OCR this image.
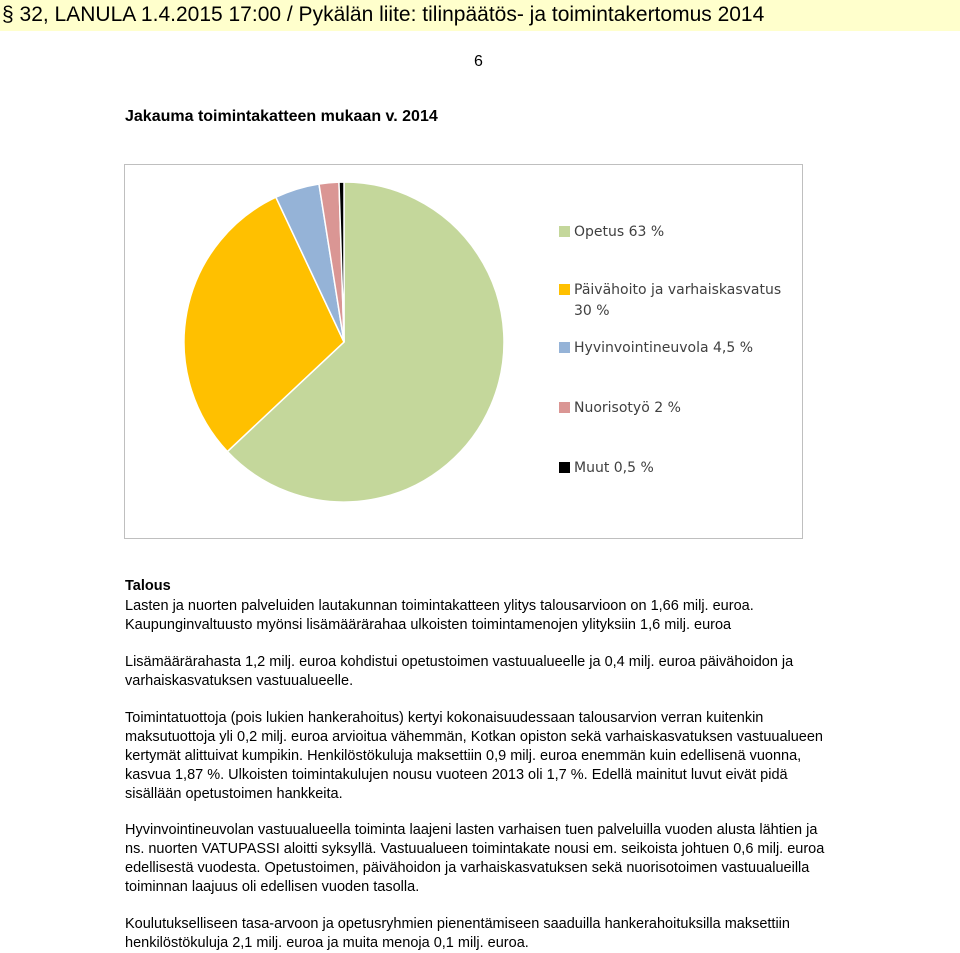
§ 32, LANULA 1.4.2015 17:00 / Pykälän liite: tilinpäätös- ja toimintakertomus 2014
6
Jakauma toimintakatteen mukaan v. 2014
Opetus 63 %
Päivähoito ja varhaiskasvatus
30 %
Hyvinvointineuvola 4,5 %
Nuorisotyö 2 %
Muut 0,5 %
Talous

Lasten ja nuorten palveluiden lautakunnan toimintakatteen ylitys talousarvioon on 1,66 milj. euroa. Kaupunginvaltuusto myönsi lisämäärärahaa ulkoisten toimintamenojen ylityksiin 1,6 milj. euroa

Lisämäärärahasta 1,2 milj. euroa kohdistui opetustoimen vastuualueelle ja 0,4 milj. euroa päivähoidon ja varhaiskasvatuksen vastuualueelle.

Toimintatuottoja (pois lukien hankerahoitus) kertyi kokonaisuudessaan talousarvion verran kuitenkin maksutuottoja yli 0,2 milj. euroa arvioitua vähemmän, Kotkan opiston sekä varhaiskasvatuksen vastuualueen kertymät alittuivat kumpikin. Henkilöstökuluja maksettiin 0,9 milj. euroa enemmän kuin edellisenä vuonna, kasvua 1,87 %. Ulkoisten toimintakulujen nousu vuoteen 2013 oli 1,7 %. Edellä mainitut luvut eivät pidä sisällään opetustoimen hankkeita.

Hyvinvointineuvolan vastuualueella toiminta laajeni lasten varhaisen tuen palveluilla vuoden alusta lähtien ja ns. nuorten VATUPASSI aloitti syksyllä. Vastuualueen toimintakate nousi em. seikoista johtuen 0,6 milj. euroa edellisestä vuodesta. Opetustoimen, päivähoidon ja varhaiskasvatuksen sekä nuorisotoimen vastuualueilla toiminnan laajuus oli edellisen vuoden tasolla.

Koulutukselliseen tasa-arvoon ja opetusryhmien pienentämiseen saaduilla hankerahoituksilla maksettiin henkilöstökuluja 2,1 milj. euroa ja muita menoja 0,1 milj. euroa.
